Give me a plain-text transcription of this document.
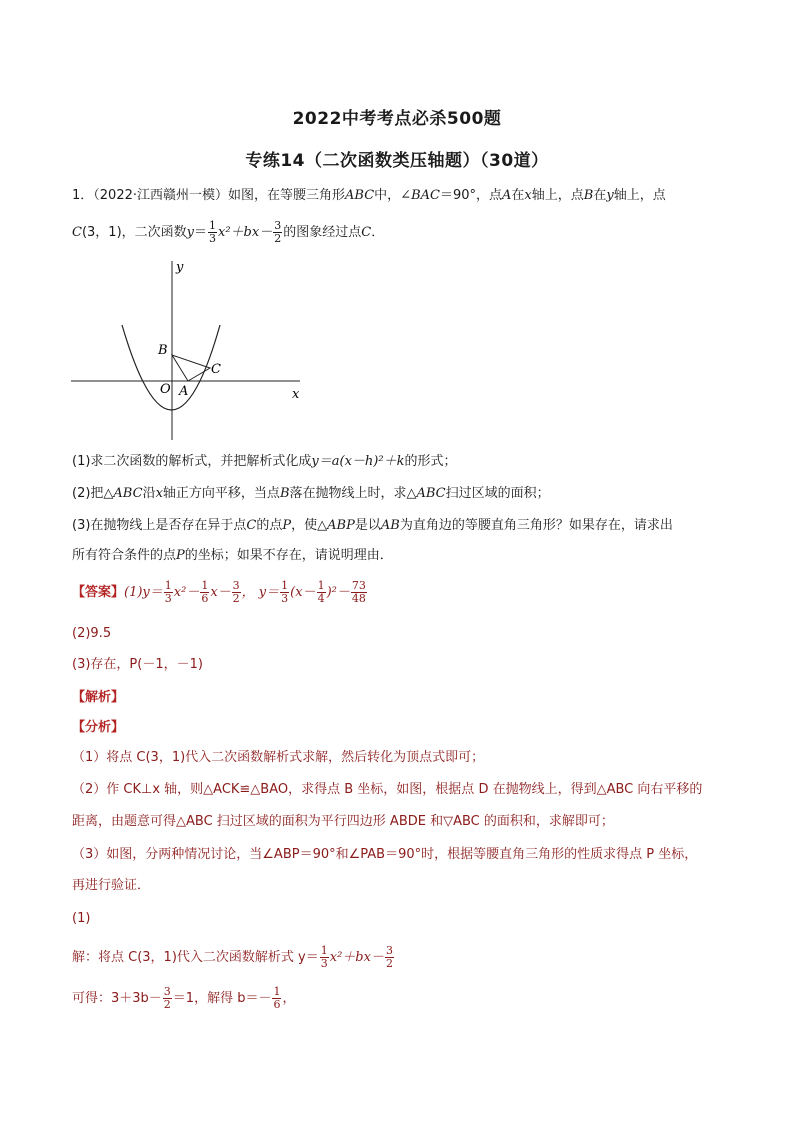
2022中考考点必杀500题
专练14（二次函数类压轴题）（30道）
1．（2022·江西赣州一模）如图，在等腰三角形ABC中，∠BAC＝90°，点A在x轴上，点B在y轴上，点
C(3，1)，二次函数$y= \frac{1}{3} x^2+bx- \frac{3}{2}$ 的图象经过点C．
y
x
O A
B
C
(1)求二次函数的解析式，并把解析式化成y＝a(x－h)²＋k的形式；
(2)把△ABC沿x轴正方向平移，当点B落在抛物线上时，求△ABC扫过区域的面积；
(3)在抛物线上是否存在异于点C的点P，使△ABP是以AB为直角边的等腰直角三角形？如果存在，请求出
所有符合条件的点P的坐标；如果不存在，请说明理由．
【答案】$(1)y= \frac{1}{3} x^2- \frac{1}{6} x- \frac{3}{2}$ ， $y= \frac{1}{3} (x- \frac{1}{4} )^2- \frac{73}{48}$
(2)9.5
(3)存在，P(－1，－1)
【解析】
【分析】
（1）将点 C(3，1)代入二次函数解析式求解，然后转化为顶点式即可；
（2）作 CK⊥x 轴，则△ACK≌△BAO，求得点 B 坐标，如图，根据点 D 在抛物线上，得到△ABC 向右平移的
距离，由题意可得△ABC 扫过区域的面积为平行四边形 ABDE 和▽ABC 的面积和，求解即可；
（3）如图，分两种情况讨论，当∠ABP＝90°和∠PAB＝90°时，根据等腰直角三角形的性质求得点 P 坐标，
再进行验证．
(1)
解：将点 C(3，1)代入二次函数解析式 $y= \frac{1}{3} x^2+bx- \frac{3}{2}$
可得：$3+3b- \frac{3}{2} =1$，解得 $b=- \frac{1}{6}$ ，
